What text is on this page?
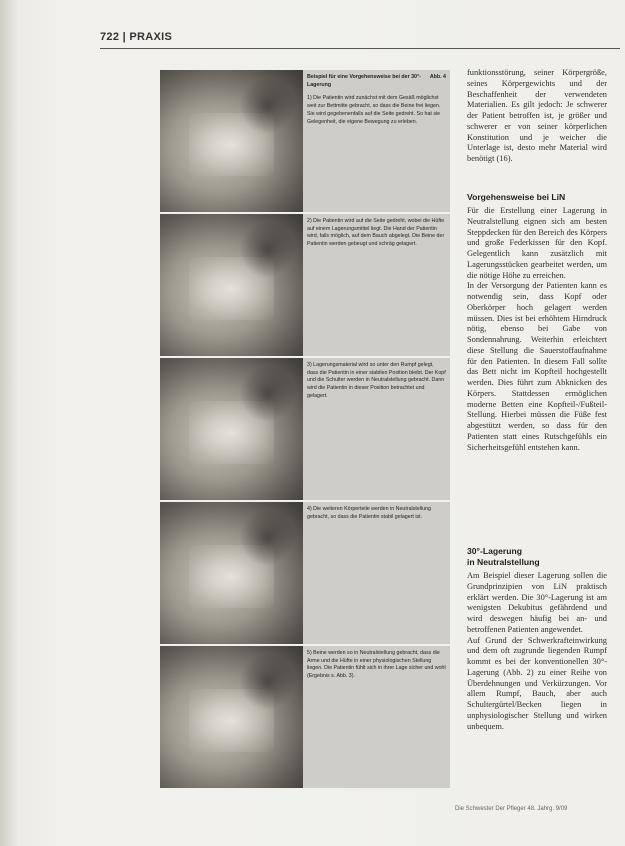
722 | PRAXIS
Abb. 4
Beispiel für eine Vorgehensweise bei der 30°-Lagerung
1) Die Patientin wird zunächst mit dem Gesäß möglichst weit zur Bettmitte gebracht, so dass die Beine frei liegen. Sie wird gegebenenfalls auf die Seite gedreht. So hat sie Gelegenheit, die eigene Bewegung zu erleben.
2) Die Patientin wird auf die Seite gedreht, wobei die Hüfte auf einem Lagerungsmittel liegt. Die Hand der Patientin wird, falls möglich, auf dem Bauch abgelegt. Die Beine der Patientin werden gebeugt und schräg gelagert.
3) Lagerungsmaterial wird so unter den Rumpf gelegt, dass die Patientin in einer stabilen Position bleibt. Der Kopf und die Schulter werden in Neutralstellung gebracht. Dann wird die Patientin in dieser Position betrachtet und gelagert.
4) Die weiteren Körperteile werden in Neutralstellung gebracht, so dass die Patientin stabil gelagert ist.
5) Beine werden so in Neutralstellung gebracht, dass die Arme und die Hüfte in einer physiologischen Stellung liegen. Die Patientin fühlt sich in ihrer Lage sicher und wohl (Ergebnis s. Abb. 3).

funktionsstörung, seiner Körpergröße, seines Körpergewichts und der Beschaffenheit der verwendeten Materialien. Es gilt jedoch: Je schwerer der Patient betroffen ist, je größer und schwerer er von seiner körperlichen Konstitution und je weicher die Unterlage ist, desto mehr Material wird benötigt (16).

Vorgehensweise bei LiN

Für die Erstellung einer Lagerung in Neutralstellung eignen sich am besten Steppdecken für den Bereich des Körpers und große Federkissen für den Kopf. Gelegentlich kann zusätzlich mit Lagerungsstücken gearbeitet werden, um die nötige Höhe zu erreichen.

In der Versorgung der Patienten kann es notwendig sein, dass Kopf oder Oberkörper hoch gelagert werden müssen. Dies ist bei erhöhtem Hirndruck nötig, ebenso bei Gabe von Sondennahrung. Weiterhin erleichtert diese Stellung die Sauerstoffaufnahme für den Patienten. In diesem Fall sollte das Bett nicht im Kopfteil hochgestellt werden. Dies führt zum Abknicken des Körpers. Stattdessen ermöglichen moderne Betten eine Kopfteil-/Fußteil-Stellung. Hierbei müssen die Füße fest abgestützt werden, so dass für den Patienten statt eines Rutschgefühls ein Sicherheitsgefühl entstehen kann.

30°-Lagerung
in Neutralstellung

Am Beispiel dieser Lagerung sollen die Grundprinzipien von LiN praktisch erklärt werden. Die 30°-Lagerung ist am wenigsten Dekubitus gefährdend und wird deswegen häufig bei an- und betroffenen Patienten angewendet.

Auf Grund der Schwerkrafteinwirkung und dem oft zugrunde liegenden Rumpf kommt es bei der konventionellen 30°-Lagerung (Abb. 2) zu einer Reihe von Überdehnungen und Verkürzungen. Vor allem Rumpf, Bauch, aber auch Schultergürtel/Becken liegen in unphysiologischer Stellung und wirken unbequem.

Die Schwester Der Pfleger 48. Jahrg. 9/09
